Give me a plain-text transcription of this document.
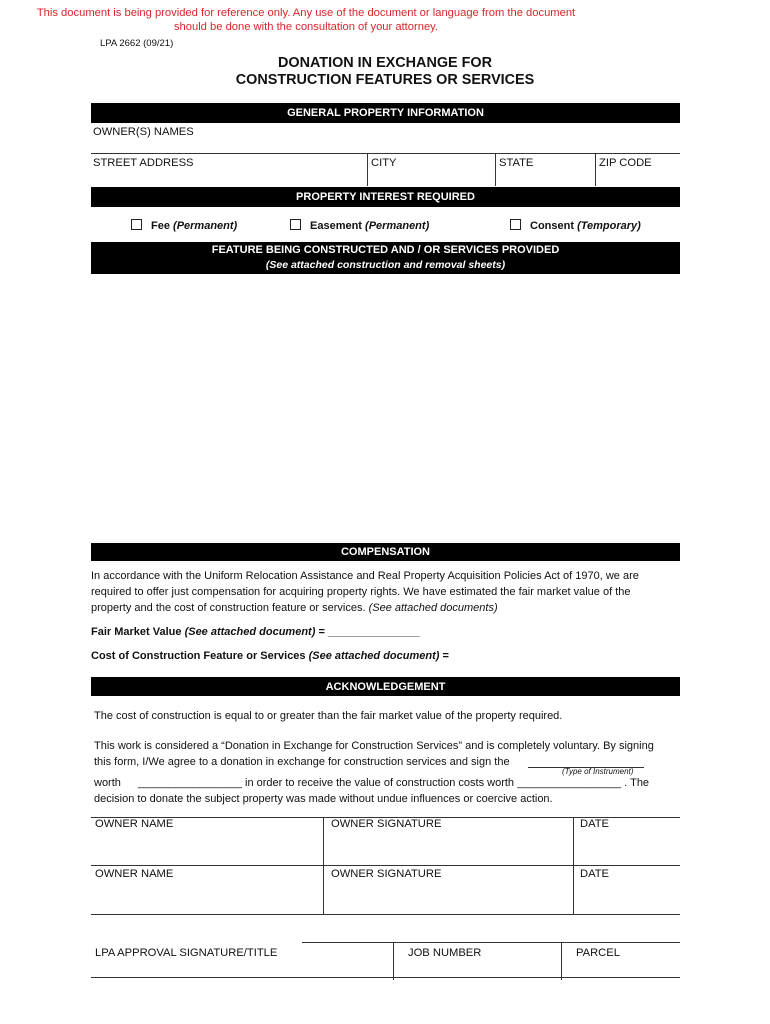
This document is being provided for reference only. Any use of the document or language from the document
should be done with the consultation of your attorney.
LPA 2662 (09/21)
DONATION IN EXCHANGE FOR
CONSTRUCTION FEATURES OR SERVICES
GENERAL PROPERTY INFORMATION
OWNER(S) NAMES
STREET ADDRESS	CITY	STATE	ZIP CODE
PROPERTY INTEREST REQUIRED
Fee (Permanent)	Easement (Permanent)	Consent (Temporary)
FEATURE BEING CONSTRUCTED AND / OR SERVICES PROVIDED
(See attached construction and removal sheets)
COMPENSATION
In accordance with the Uniform Relocation Assistance and Real Property Acquisition Policies Act of 1970, we are
required to offer just compensation for acquiring property rights. We have estimated the fair market value of the
property and the cost of construction feature or services. (See attached documents)
Fair Market Value (See attached document) = _______________
Cost of Construction Feature or Services (See attached document) =
ACKNOWLEDGEMENT
The cost of construction is equal to or greater than the fair market value of the property required.
This work is considered a “Donation in Exchange for Construction Services” and is completely voluntary. By signing
this form, I/We agree to a donation in exchange for construction services and sign the
(Type of Instrument)
worth _________________ in order to receive the value of construction costs worth _________________ . The
decision to donate the subject property was made without undue influences or coercive action.
OWNER NAME	OWNER SIGNATURE	DATE
OWNER NAME	OWNER SIGNATURE	DATE
LPA APPROVAL SIGNATURE/TITLE	JOB NUMBER	PARCEL
